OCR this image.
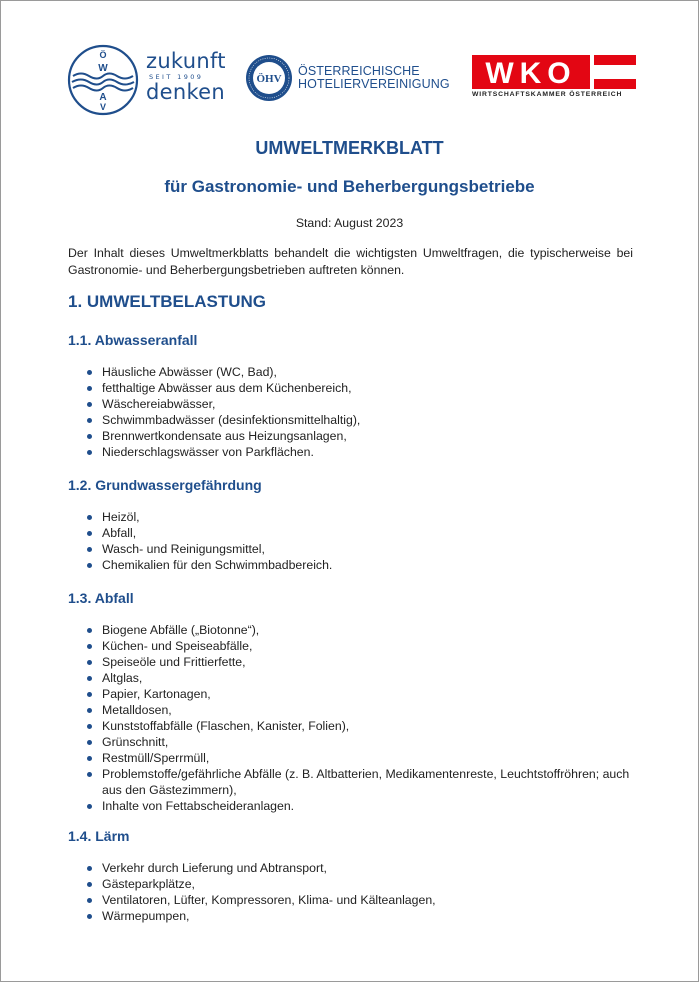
Ö
W
A
V
zukunft
SEIT 1909
denken
ÖHV
ÖSTERREICHISCHE
HOTELIERVEREINIGUNG WKO
WIRTSCHAFTSKAMMER ÖSTERREICH
UMWELTMERKBLATT
für Gastronomie- und Beherbergungsbetriebe
Stand: August 2023

Der Inhalt dieses Umweltmerkblatts behandelt die wichtigsten Umweltfragen, die typischerweise bei Gastronomie- und Beherbergungsbetrieben auftreten können.

1. UMWELTBELASTUNG
1.1. Abwasseranfall
Häusliche Abwässer (WC, Bad),
fetthaltige Abwässer aus dem Küchenbereich,
Wäschereiabwässer,
Schwimmbadwässer (desinfektionsmittelhaltig),
Brennwertkondensate aus Heizungsanlagen,
Niederschlagswässer von Parkflächen.
1.2. Grundwassergefährdung
Heizöl,
Abfall,
Wasch- und Reinigungsmittel,
Chemikalien für den Schwimmbadbereich.
1.3. Abfall
Biogene Abfälle („Biotonne“),
Küchen- und Speiseabfälle,
Speiseöle und Frittierfette,
Altglas,
Papier, Kartonagen,
Metalldosen,
Kunststoffabfälle (Flaschen, Kanister, Folien),
Grünschnitt,
Restmüll/Sperrmüll,
Problemstoffe/gefährliche Abfälle (z. B. Altbatterien, Medikamentenreste, Leuchtstoffröhren; auch aus den Gästezimmern),
Inhalte von Fettabscheideranlagen.
1.4. Lärm
Verkehr durch Lieferung und Abtransport,
Gästeparkplätze,
Ventilatoren, Lüfter, Kompressoren, Klima- und Kälteanlagen,
Wärmepumpen,
